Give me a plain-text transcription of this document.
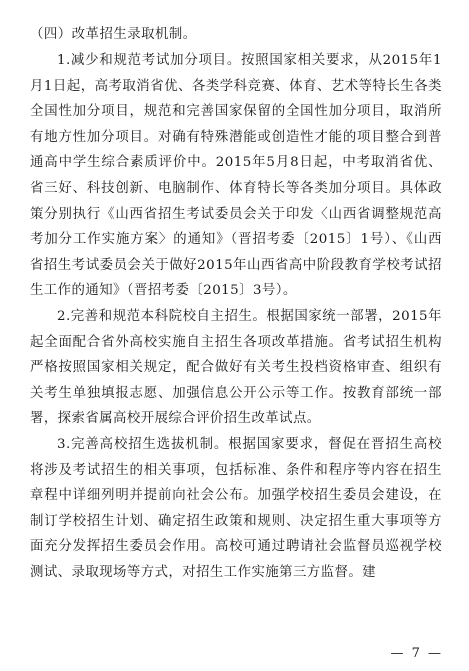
（四）改革招生录取机制。

1.减少和规范考试加分项目。按照国家相关要求，从2015年1月1日起，高考取消省优、各类学科竞赛、体育、艺术等特长生各类全国性加分项目，规范和完善国家保留的全国性加分项目，取消所有地方性加分项目。对确有特殊潜能或创造性才能的项目整合到普通高中学生综合素质评价中。2015年5月8日起，中考取消省优、省三好、科技创新、电脑制作、体育特长等各类加分项目。具体政策分别执行《山西省招生考试委员会关于印发〈山西省调整规范高考加分工作实施方案〉的通知》（晋招考委〔2015〕1号）、《山西省招生考试委员会关于做好2015年山西省高中阶段教育学校考试招生工作的通知》（晋招考委〔2015〕3号）。

2.完善和规范本科院校自主招生。根据国家统一部署，2015年起全面配合省外高校实施自主招生各项改革措施。省考试招生机构严格按照国家相关规定，配合做好有关考生投档资格审查、组织有关考生单独填报志愿、加强信息公开公示等工作。按教育部统一部署，探索省属高校开展综合评价招生改革试点。

3.完善高校招生选拔机制。根据国家要求，督促在晋招生高校将涉及考试招生的相关事项，包括标准、条件和程序等内容在招生章程中详细列明并提前向社会公布。加强学校招生委员会建设，在制订学校招生计划、确定招生政策和规则、决定招生重大事项等方面充分发挥招生委员会作用。高校可通过聘请社会监督员巡视学校测试、录取现场等方式，对招生工作实施第三方监督。建

— 7 —
